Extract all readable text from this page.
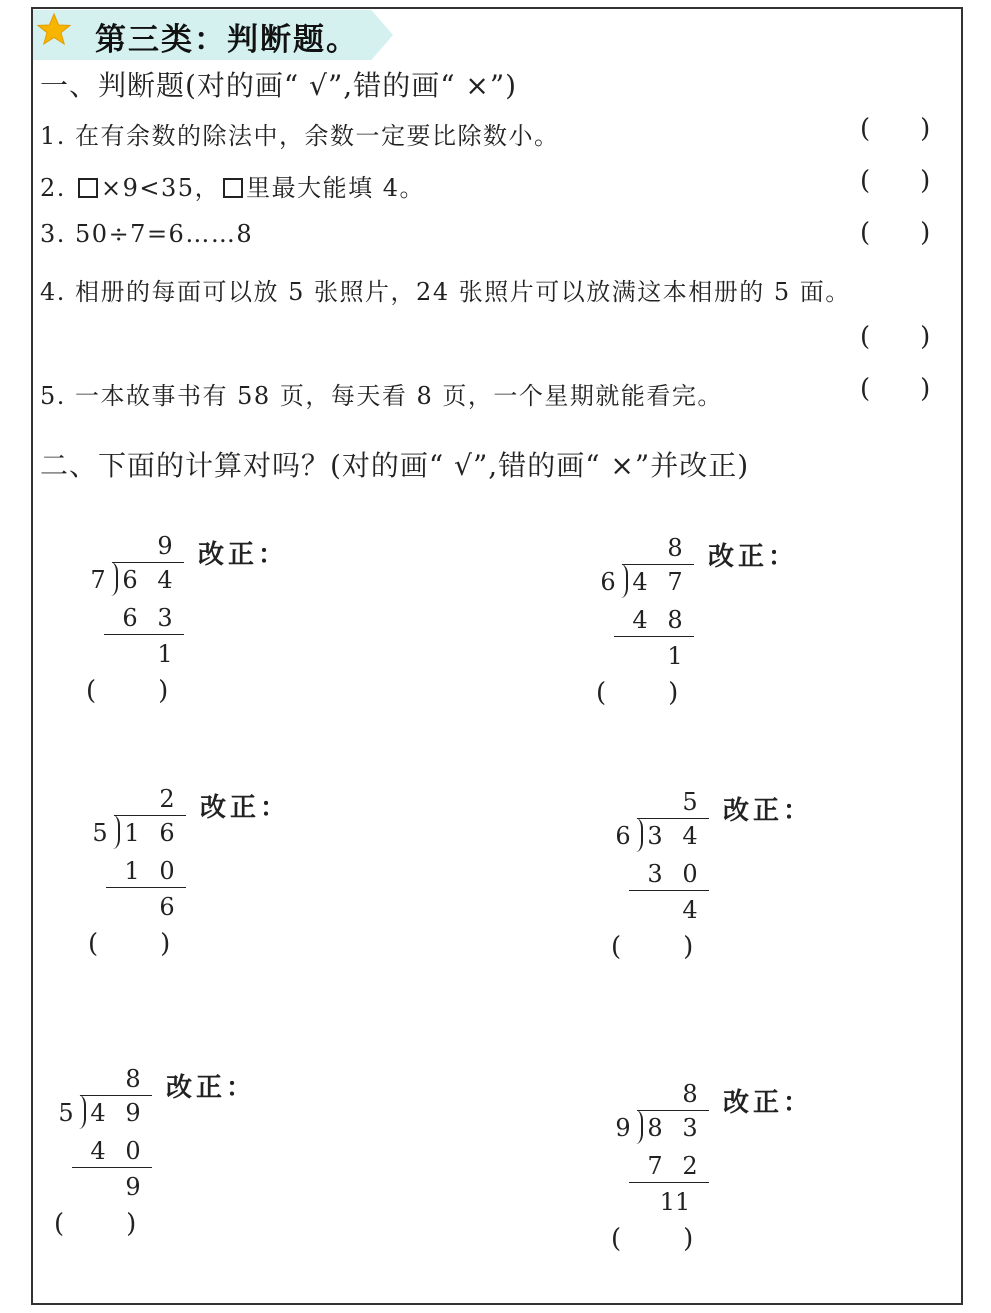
第三类：判断题。
一、判断题(对的画“ √”,错的画“ ×”)
1. 在有余数的除法中，余数一定要比除数小。
2. ×9<35， 里最大能填 4。
3. 50÷7=6……8
4. 相册的每面可以放 5 张照片，24 张照片可以放满这本相册的 5 面。
5. 一本故事书有 58 页，每天看 8 页，一个星期就能看完。
( )
( )
( )
( )
( )
二、下面的计算对吗？(对的画“ √”,错的画“ ×”并改正)
9
7 6 4
6 3
1
改正：
( )
8
6 4 7
4 8
1
改正：
( )
2
5 1 6
1 0
6
改正：
( )
5
6 3 4
3 0
4
改正：
( )
8
5 4 9
4 0
9
改正：
( )
8
9 8 3
7 2
11
改正：
( )
